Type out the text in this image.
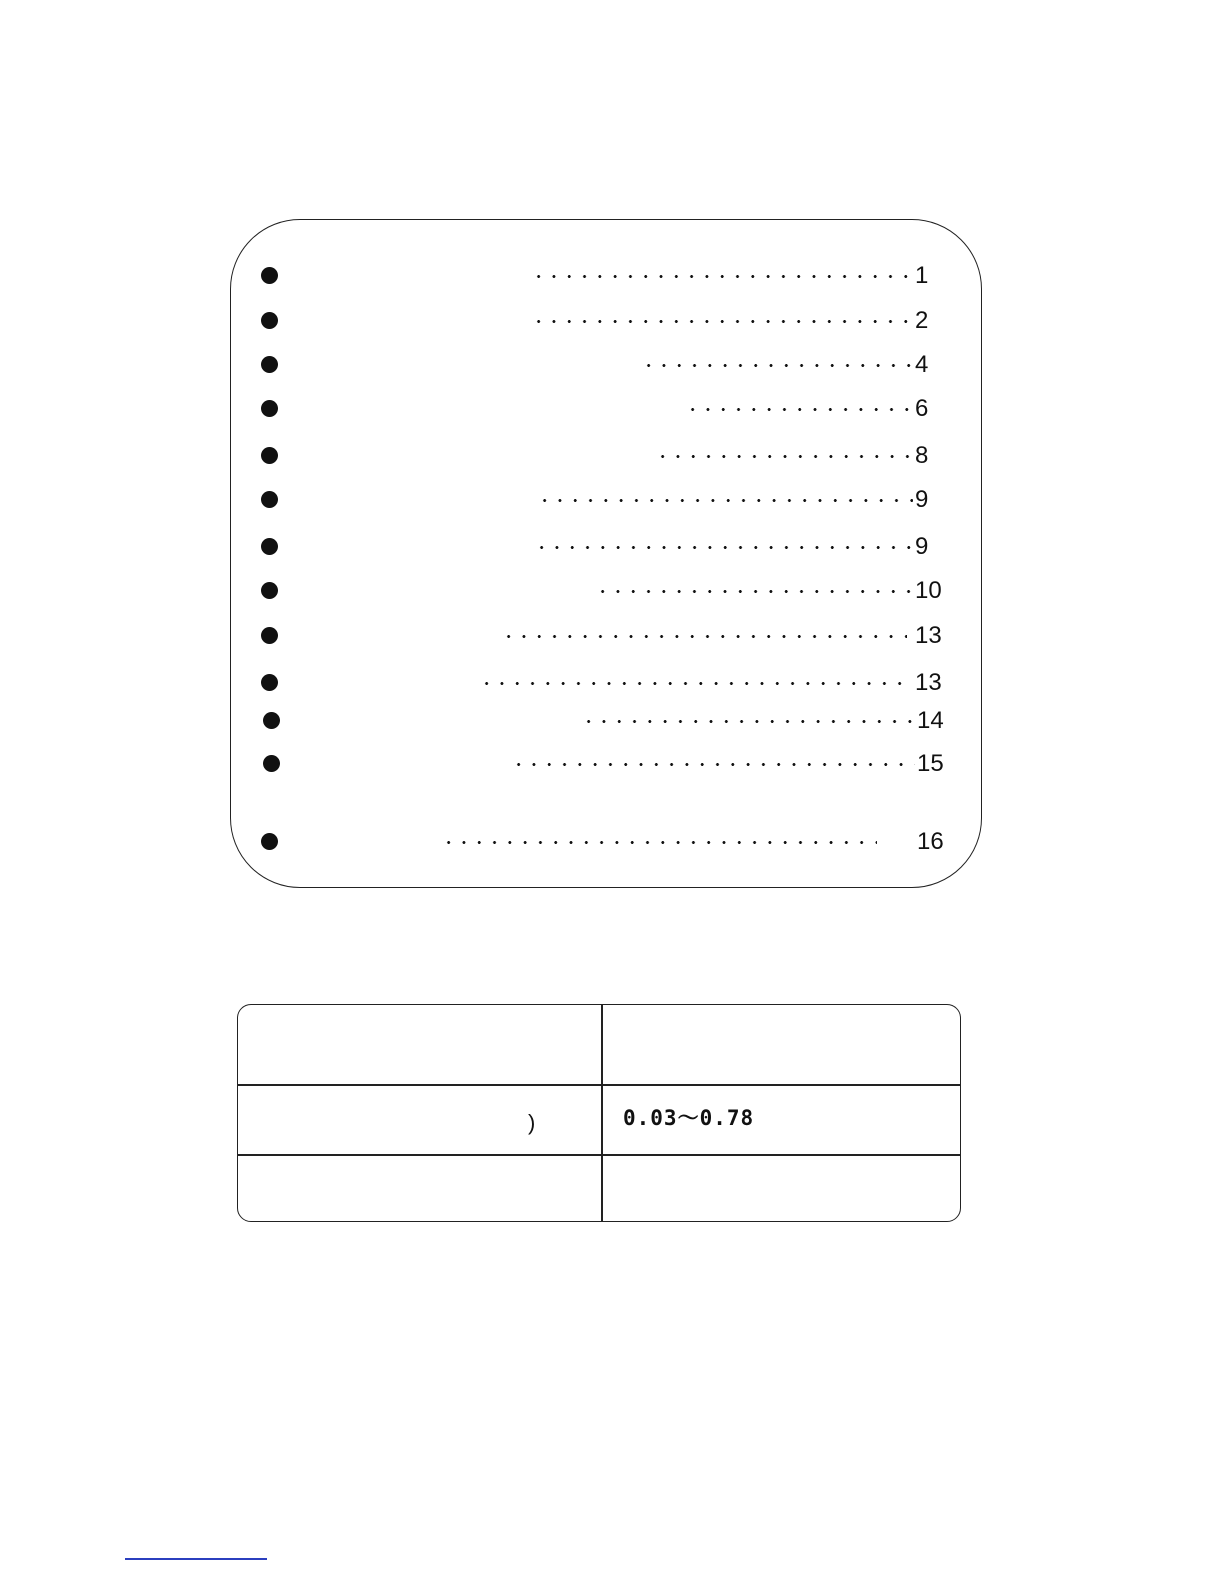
1
2
4
6
8
9
9
10
13
13
14
15
16
)	0.03～0.78
